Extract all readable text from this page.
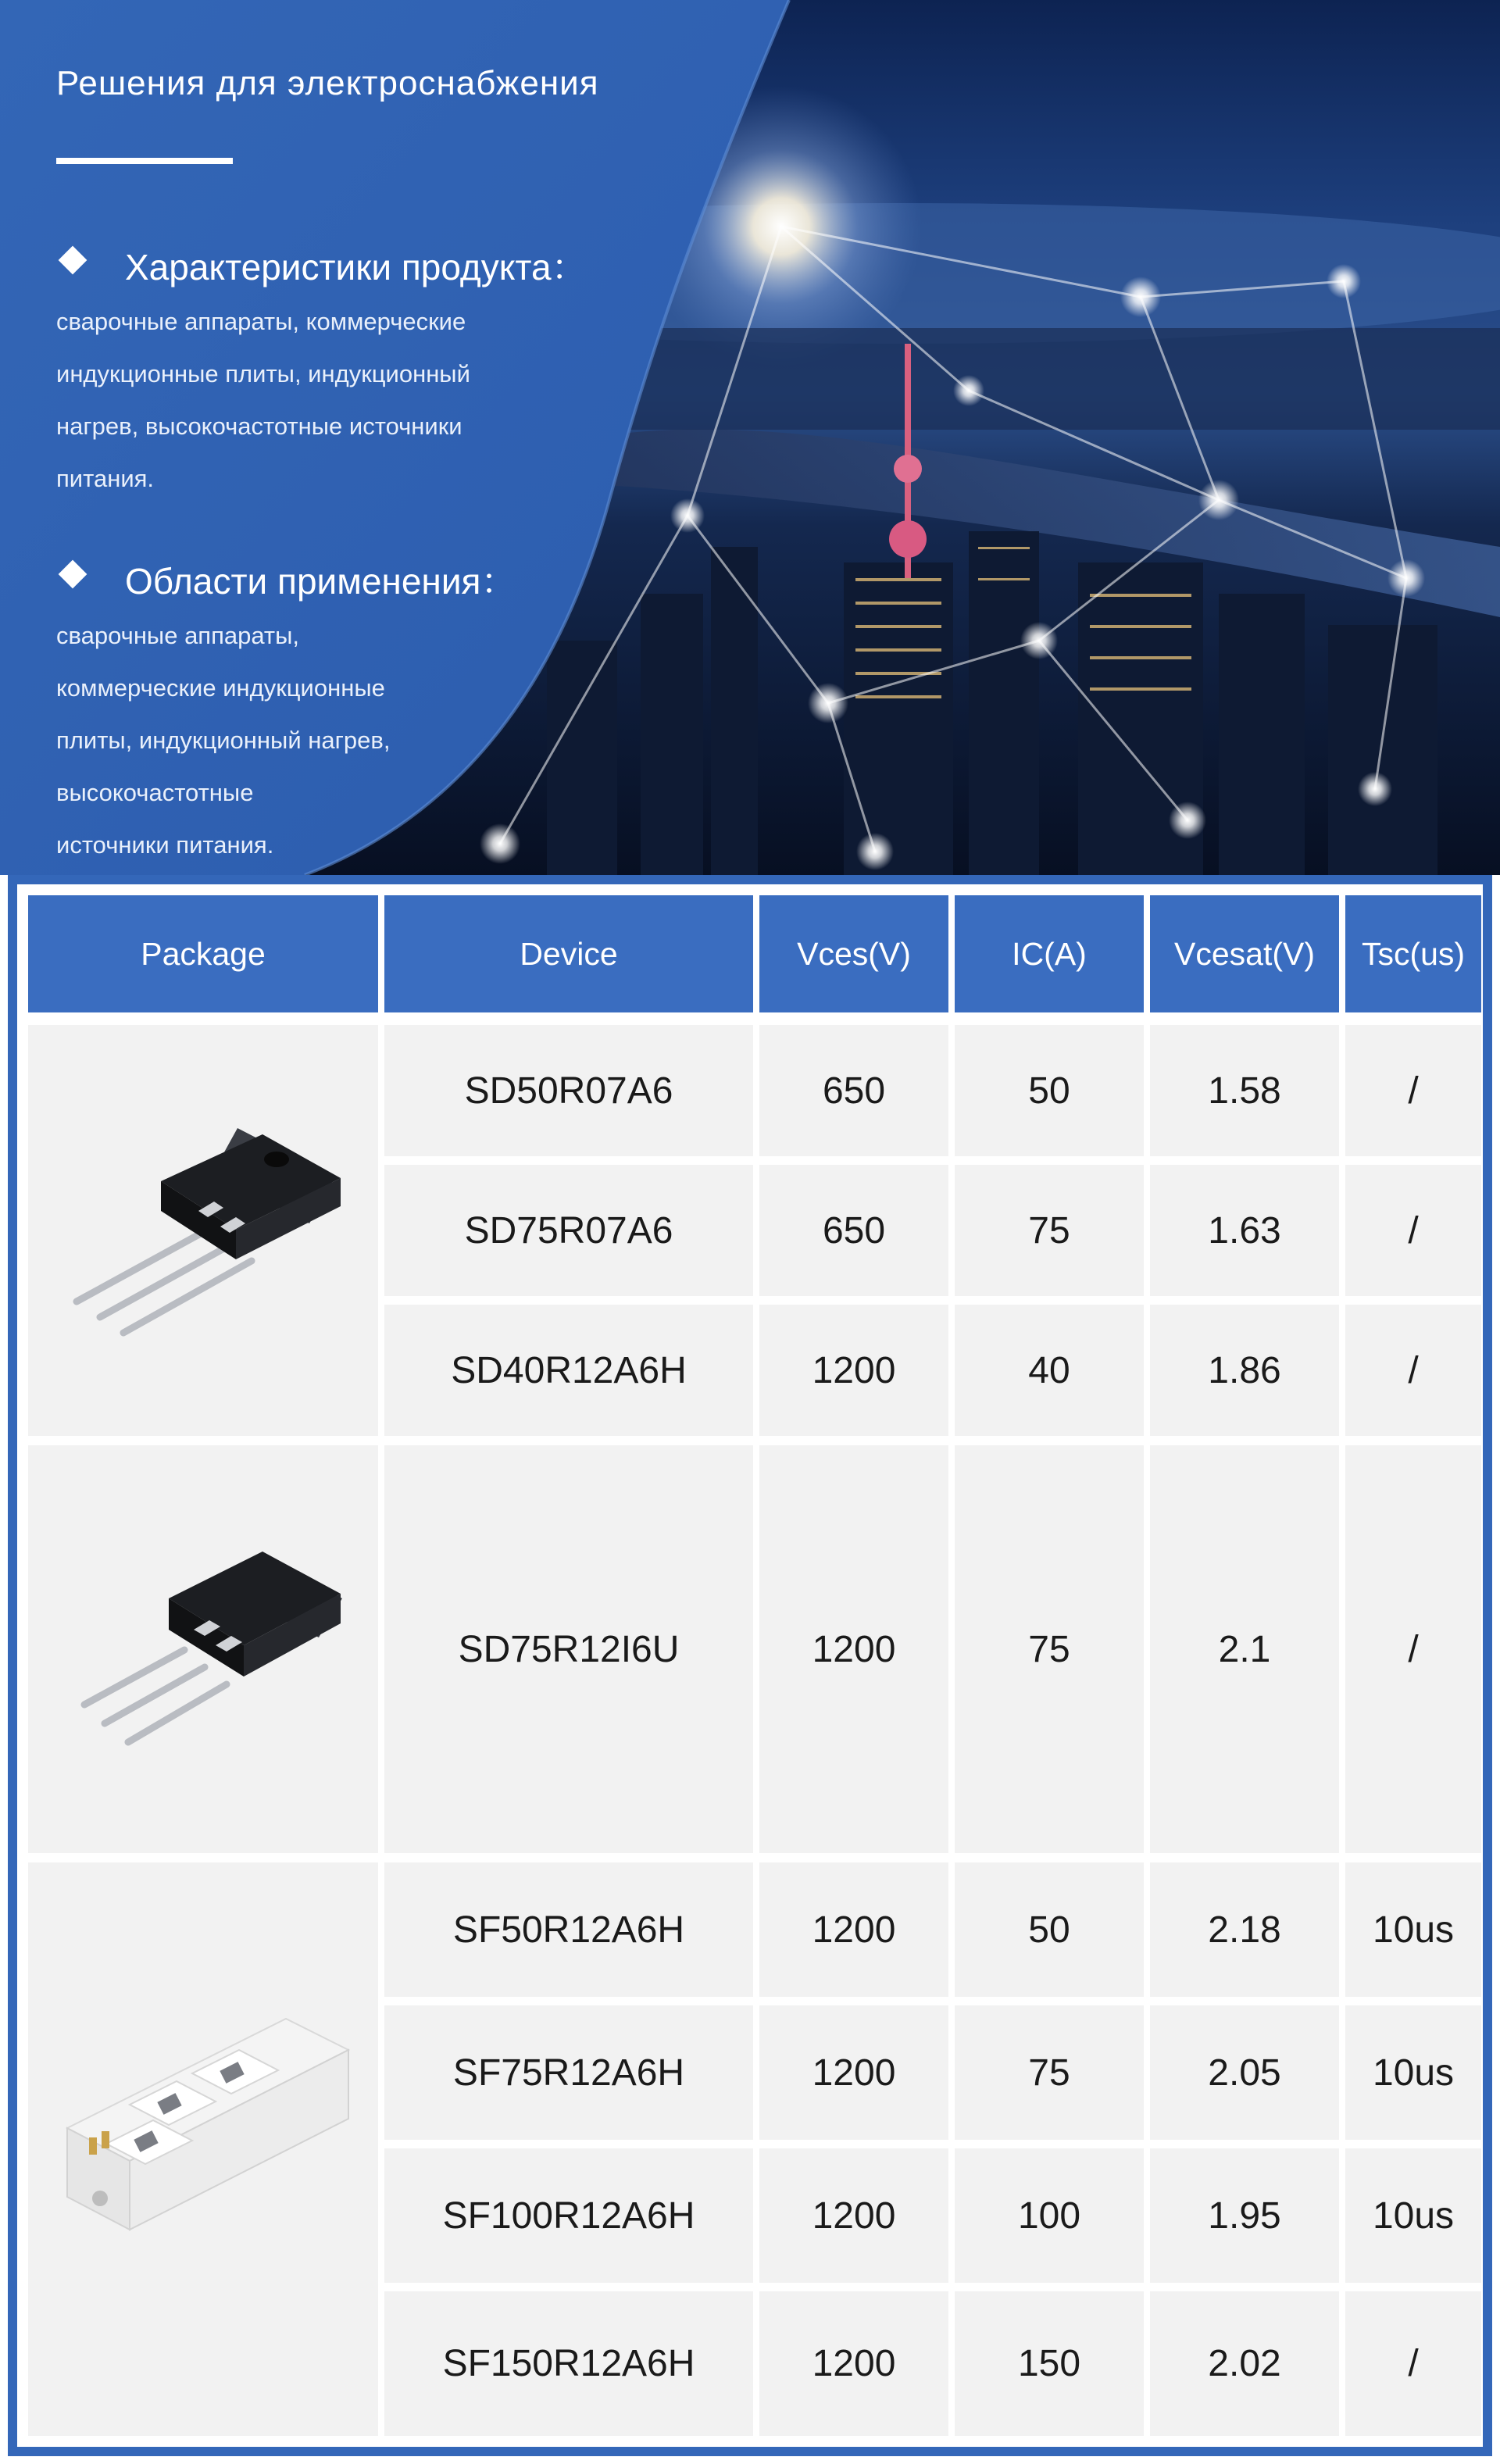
Решения для электроснабжения
Характеристики продукта：
сварочные аппараты, коммерческие
индукционные плиты, индукционный
нагрев, высокочастотные источники
питания.
Области применения：
сварочные аппараты,
коммерческие индукционные
плиты, индукционный нагрев,
высокочастотные
источники питания.
Package	Device	Vces(V)	IC(A)	Vcesat(V)	Tsc(us)
SD50R07A6	650	50	1.58	/
SD75R07A6	650	75	1.63	/
SD40R12A6H	1200	40	1.86	/
SD75R12I6U	1200	75	2.1	/
SF50R12A6H	1200	50	2.18	10us
SF75R12A6H	1200	75	2.05	10us
SF100R12A6H	1200	100	1.95	10us
SF150R12A6H	1200	150	2.02	/
